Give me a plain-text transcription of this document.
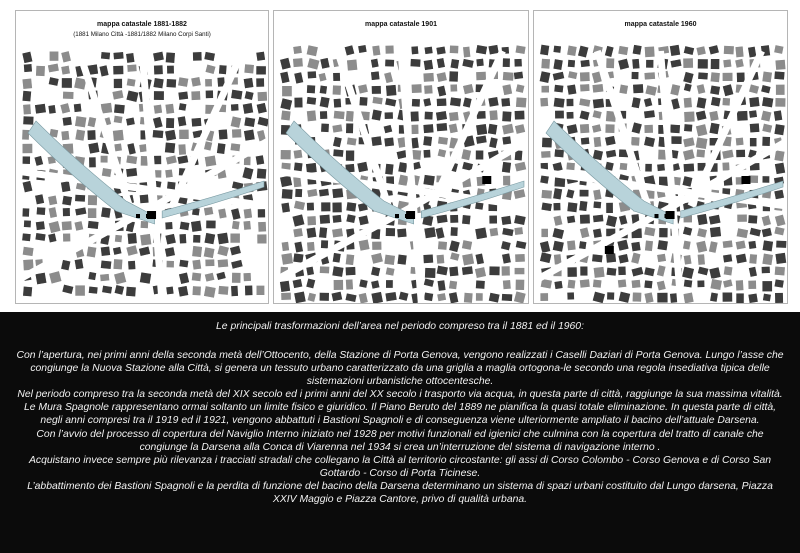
mappa catastale 1881-1882
(1881 Milano Città -1881/1882 Milano Corpi Santi)
mappa catastale 1901	mappa catastale 1960
Le principali trasformazioni dell’area nel periodo compreso tra il 1881 ed il 1960:

Con l’apertura, nei primi anni della seconda metà dell’Ottocento, della Stazione di Porta Genova, vengono realizzati i Caselli Daziari di Porta Genova. Lungo l’asse che congiunge la Nuova Stazione alla Città, si genera un tessuto urbano caratterizzato da una griglia a maglia ortogona-le secondo una regola insediativa tipica delle sistemazioni urbanistiche ottocentesche.

Nel periodo compreso tra la seconda metà del XIX secolo ed i primi anni del XX secolo i trasporto via acqua, in questa parte di città, raggiunge la sua massima vitalità. Le Mura Spagnole rappresentano ormai soltanto un limite fisico e giuridico. Il Piano Beruto del 1889 ne pianifica la quasi totale eliminazione. In questa parte di città, negli anni compresi tra il 1919 ed il 1921, vengono abbattuti i Bastioni Spagnoli e di conseguenza viene ulteriormente ampliato il bacino dell’attuale Darsena.

Con l’avvio del processo di copertura del Naviglio Interno iniziato nel 1928 per motivi funzionali ed igienici che culmina con la copertura del tratto di canale che congiunge la Darsena alla Conca di Viarenna nel 1934 si crea un’interruzione del sistema di navigazione interno .

Acquistano invece sempre più rilevanza i tracciati stradali che collegano la Città al territorio circostante: gli assi di Corso Colombo - Corso Genova e di Corso San Gottardo - Corso di Porta Ticinese.

L’abbattimento dei Bastioni Spagnoli e la perdita di funzione del bacino della Darsena determinano un sistema di spazi urbani costituito dal Lungo darsena, Piazza XXIV Maggio e Piazza Cantore, privo di qualità urbana.
